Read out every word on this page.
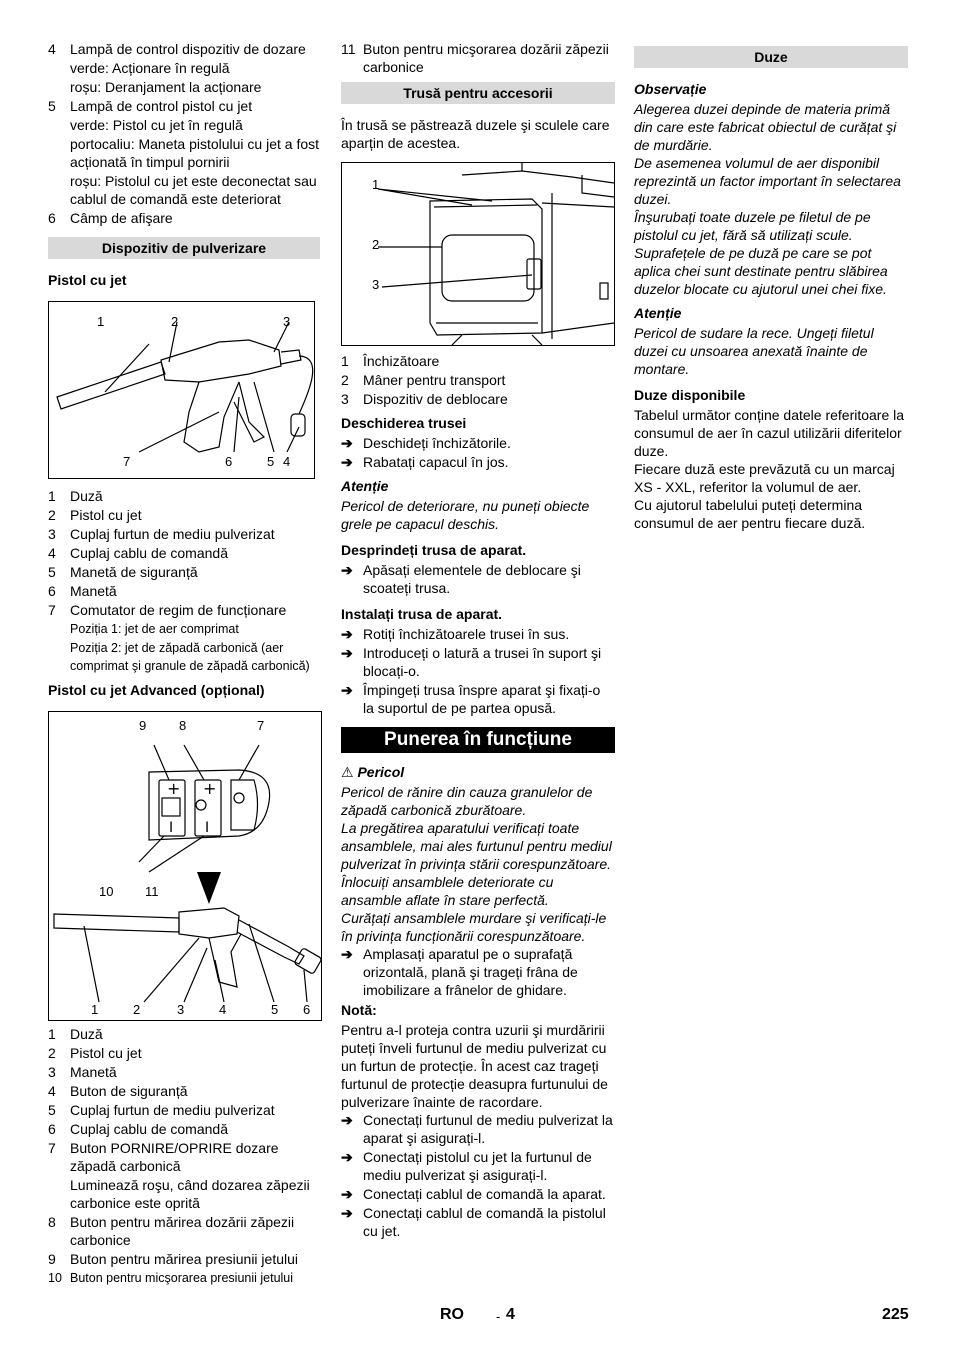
4	Lampă de control dispozitiv de dozare
verde: Acționare în regulă
roșu: Deranjament la acționare
5	Lampă de control pistol cu jet
verde: Pistol cu jet în regulă
portocaliu: Maneta pistolului cu jet a fost acționată în timpul pornirii
roșu: Pistolul cu jet este deconectat sau cablul de comandă este deteriorat
6	Câmp de afişare
Dispozitiv de pulverizare
Pistol cu jet
1	2	3
7	6	5 4
1	Duză
2	Pistol cu jet
3	Cuplaj furtun de mediu pulverizat
4	Cuplaj cablu de comandă
5	Manetă de siguranță
6	Manetă
7	Comutator de regim de funcționare
Poziția 1: jet de aer comprimat
Poziția 2: jet de zăpadă carbonică (aer comprimat şi granule de zăpadă carbonică)
Pistol cu jet Advanced (opțional)
+ +
I I
9	8	7
10 11
1	2	3	4	5 6
1	Duză
2	Pistol cu jet
3	Manetă
4	Buton de siguranță
5	Cuplaj furtun de mediu pulverizat
6	Cuplaj cablu de comandă
7	Buton PORNIRE/OPRIRE dozare zăpadă carbonică
Luminează roşu, când dozarea zăpezii carbonice este oprită
8	Buton pentru mărirea dozării zăpezii carbonice
9	Buton pentru mărirea presiunii jetului
10 Buton pentru micşorarea presiunii jetului
11 Buton pentru micşorarea dozării zăpezii carbonice
Trusă pentru accesorii

În trusă se păstrează duzele şi sculele care aparțin de acestea.

1
2
3
1	Închizătoare
2	Mâner pentru transport
3	Dispozitiv de deblocare
Deschiderea trusei
➔ Deschideți închizătorile.
➔ Rabatați capacul în jos.
Atenție

Pericol de deteriorare, nu puneți obiecte grele pe capacul deschis.

Desprindeți trusa de aparat.
➔ Apăsați elementele de deblocare şi scoateți trusa.
Instalați trusa de aparat.
➔ Rotiți închizătoarele trusei în sus.
➔ Introduceți o latură a trusei în suport şi blocați-o.
➔ Împingeți trusa înspre aparat şi fixați-o la suportul de pe partea opusă.
Punerea în funcțiune
⚠ Pericol

Pericol de rănire din cauza granulelor de zăpadă carbonică zburătoare.

La pregătirea aparatului verificați toate ansamblele, mai ales furtunul pentru mediul pulverizat în privința stării corespunzătoare. Înlocuiți ansamblele deteriorate cu ansamble aflate în stare perfectă.

Curățați ansamblele murdare şi verificați-le în privința funcționării corespunzătoare.

➔ Amplasați aparatul pe o suprafață orizontală, plană şi trageți frâna de imobilizare a frânelor de ghidare.
Notă:

Pentru a-l proteja contra uzurii şi murdăririi puteți înveli furtunul de mediu pulverizat cu un furtun de protecție. În acest caz trageți furtunul de protecție deasupra furtunului de pulverizare înainte de racordare.

➔ Conectați furtunul de mediu pulverizat la aparat şi asigurați-l.
➔ Conectați pistolul cu jet la furtunul de mediu pulverizat şi asigurați-l.
➔ Conectați cablul de comandă la aparat.
➔ Conectați cablul de comandă la pistolul cu jet.
Duze
Observație

Alegerea duzei depinde de materia primă din care este fabricat obiectul de curățat şi de murdărie.

De asemenea volumul de aer disponibil reprezintă un factor important în selectarea duzei.

Înşurubați toate duzele pe filetul de pe pistolul cu jet, fără să utilizați scule. Suprafețele de pe duză pe care se pot aplica chei sunt destinate pentru slăbirea duzelor blocate cu ajutorul unei chei fixe.

Atenție

Pericol de sudare la rece. Ungeți filetul duzei cu unsoarea anexată înainte de montare.

Duze disponibile

Tabelul următor conține datele referitoare la consumul de aer în cazul utilizării diferitelor duze.

Fiecare duză este prevăzută cu un marcaj XS - XXL, referitor la volumul de aer.

Cu ajutorul tabelului puteți determina consumul de aer pentru fiecare duză.

RO - 4	225
